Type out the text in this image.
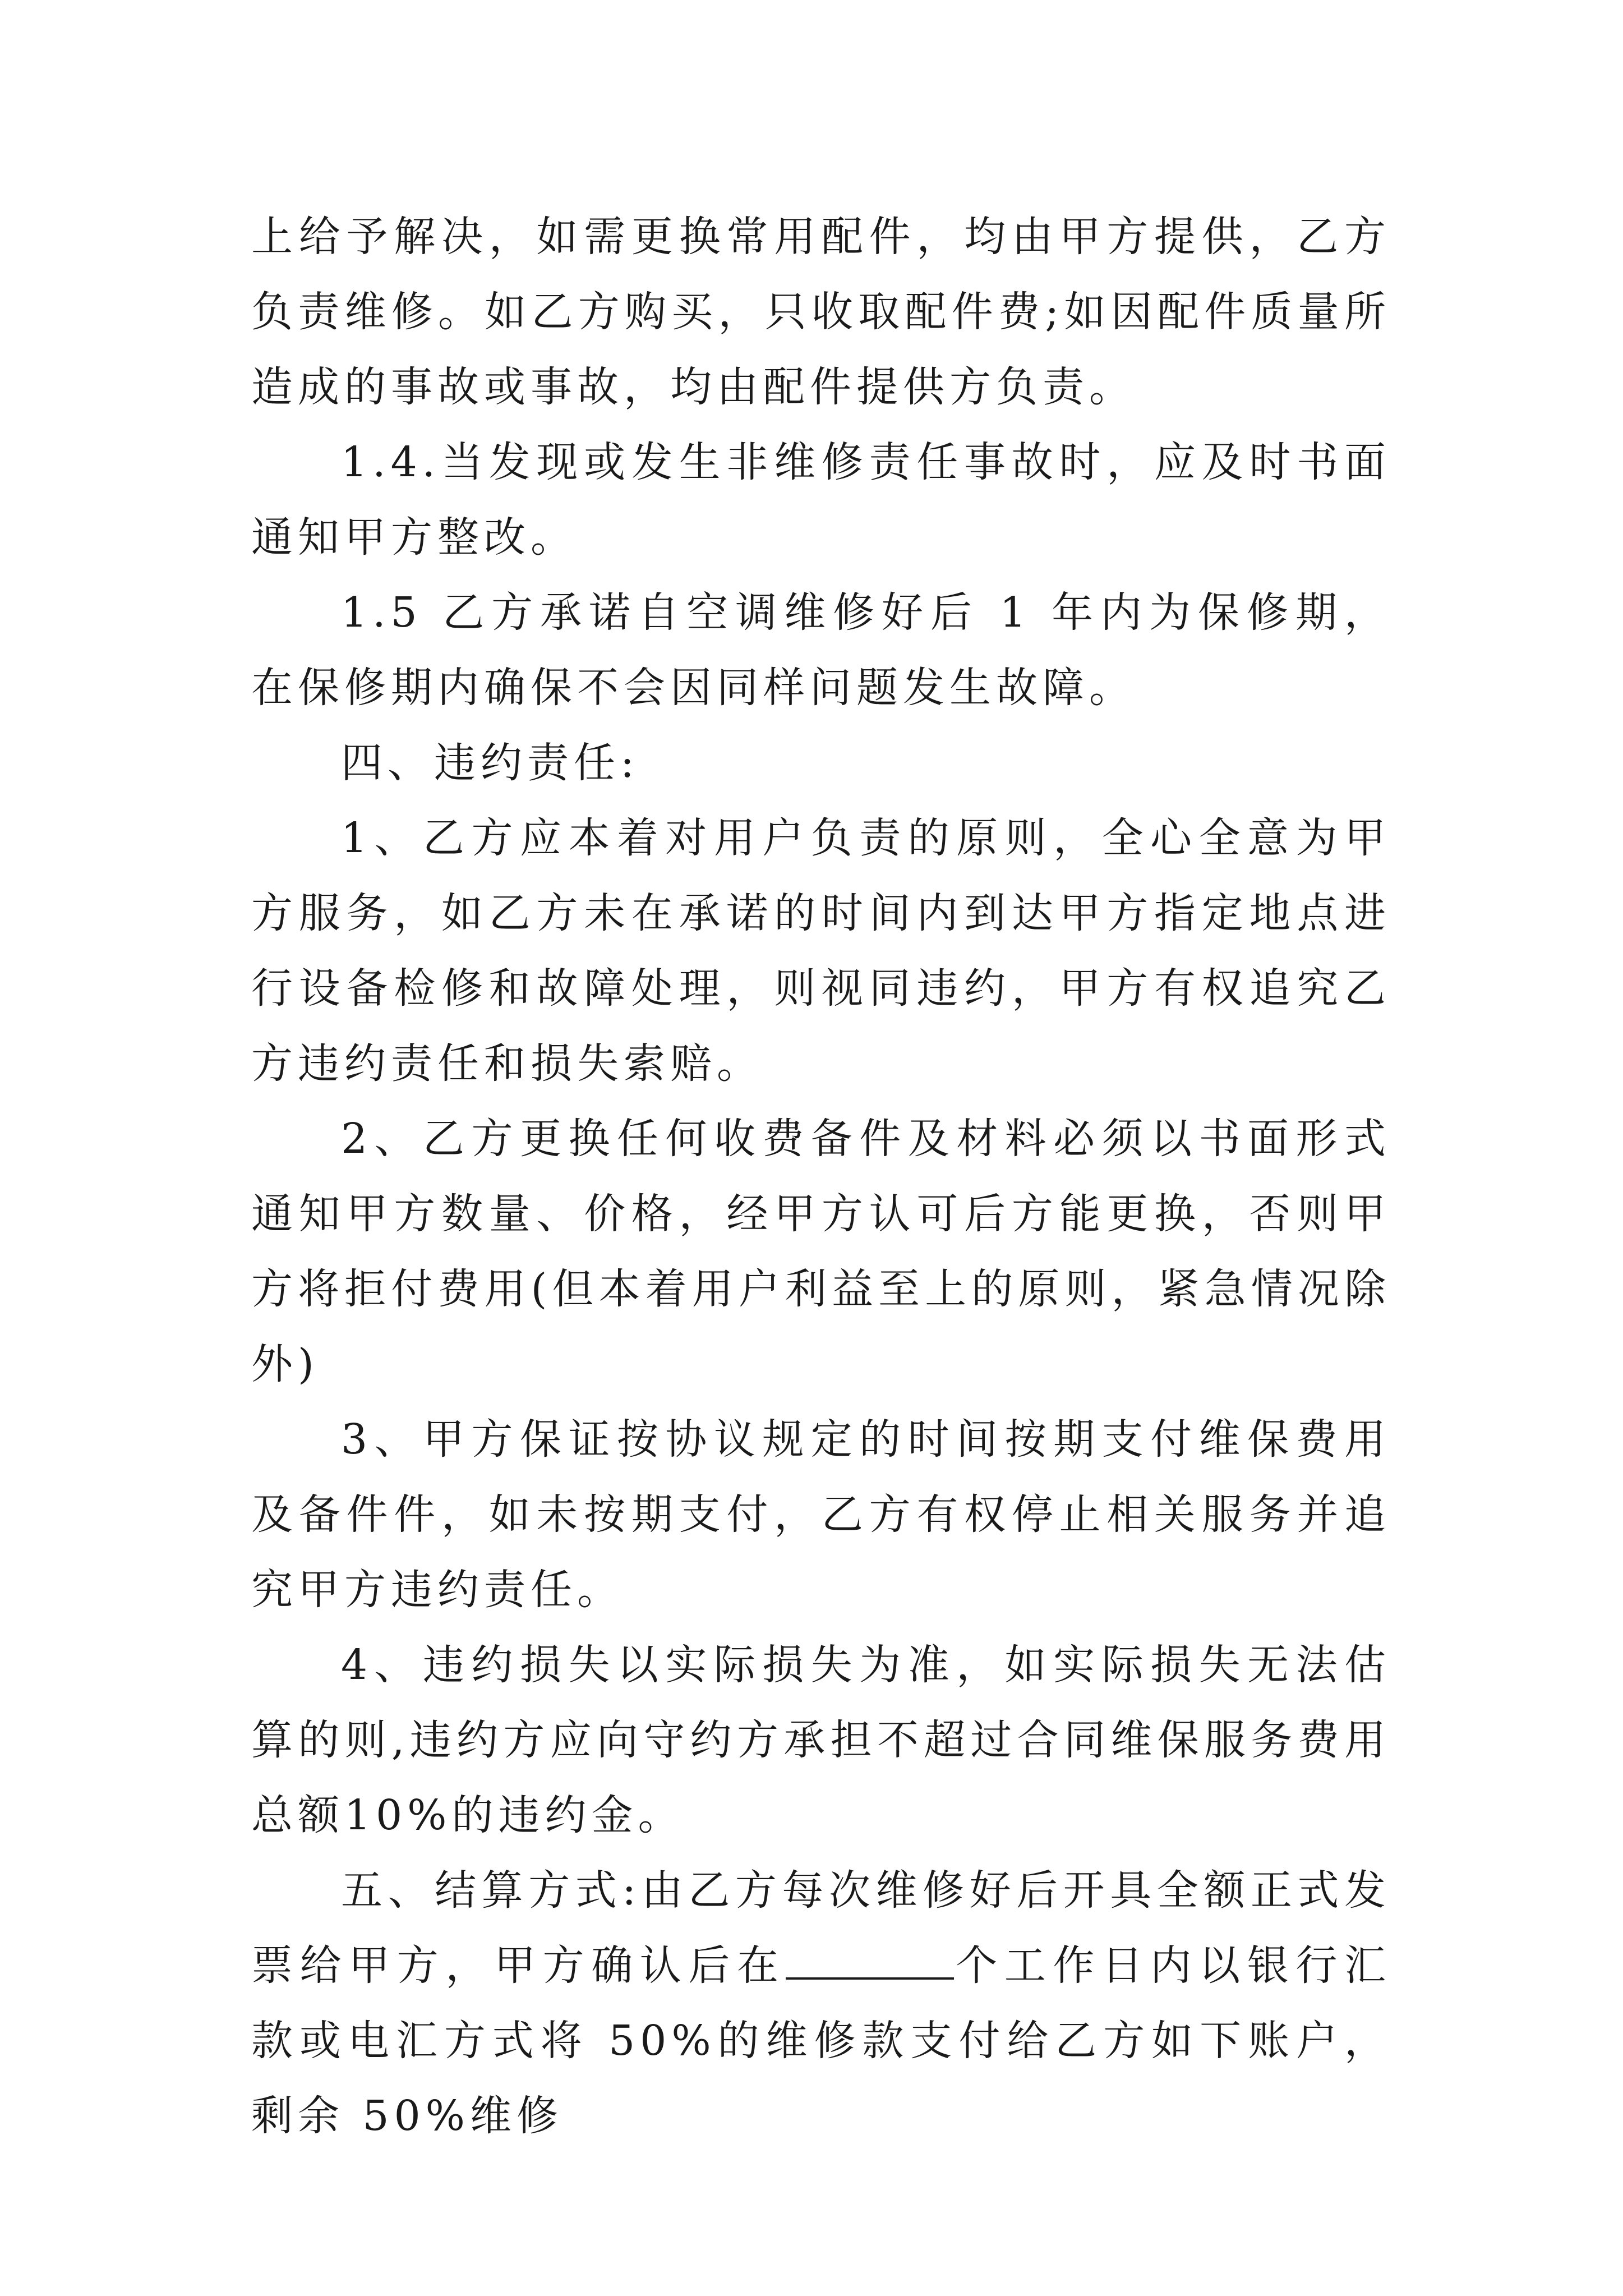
上给予解决，如需更换常用配件，均由甲方提供，乙方负责维修。如乙方购买，只收取配件费;如因配件质量所造成的事故或事故，均由配件提供方负责。

1.4.当发现或发生非维修责任事故时，应及时书面通知甲方整改。

1.5 乙方承诺自空调维修好后 1 年内为保修期，在保修期内确保不会因同样问题发生故障。

四、违约责任:

1、乙方应本着对用户负责的原则，全心全意为甲方服务，如乙方未在承诺的时间内到达甲方指定地点进行设备检修和故障处理，则视同违约，甲方有权追究乙方违约责任和损失索赔。

2、乙方更换任何收费备件及材料必须以书面形式通知甲方数量、价格，经甲方认可后方能更换，否则甲方将拒付费用(但本着用户利益至上的原则，紧急情况除外)

3、甲方保证按协议规定的时间按期支付维保费用及备件件，如未按期支付，乙方有权停止相关服务并追究甲方违约责任。

4、违约损失以实际损失为准，如实际损失无法估算的则,违约方应向守约方承担不超过合同维保服务费用总额10%的违约金。

五、结算方式:由乙方每次维修好后开具全额正式发票给甲方，甲方确认后在	个工作日内以银行汇款或电汇方式将 50%的维修款支付给乙方如下账户，剩余 50%维修
